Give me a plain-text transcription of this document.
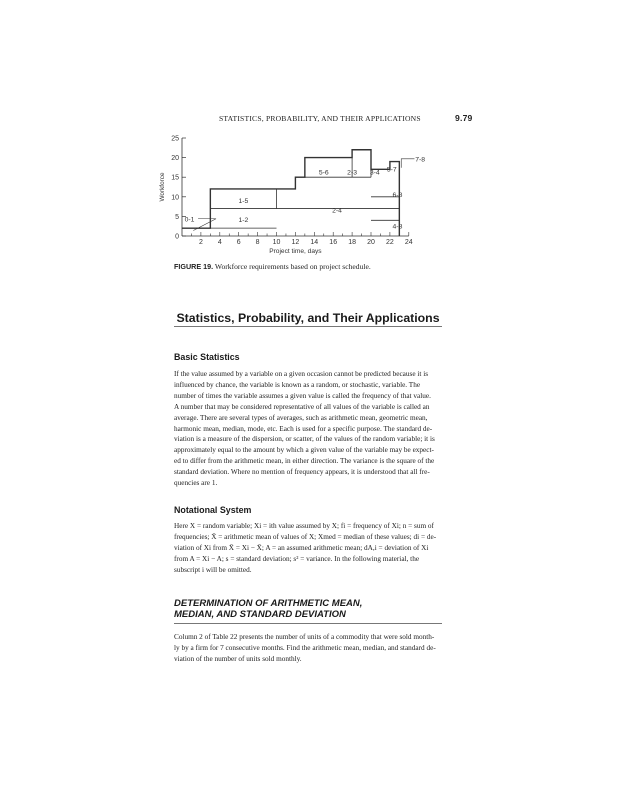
STATISTICS, PROBABILITY, AND THEIR APPLICATIONS	9.79
0
5
10
15
20
25
2 4 6 8 10 12 14 16 18 20 22 24
Project time, days
Workforce
0-1	1-2
1-5
2-4
5-6	2-3 3-4 5-7
6-8
4-8
7-8
FIGURE 19. Workforce requirements based on project schedule.
Statistics, Probability, and Their Applications
Basic Statistics
If the value assumed by a variable on a given occasion cannot be predicted because it is
influenced by chance, the variable is known as a random, or stochastic, variable. The
number of times the variable assumes a given value is called the frequency of that value.
A number that may be considered representative of all values of the variable is called an
average. There are several types of averages, such as arithmetic mean, geometric mean,
harmonic mean, median, mode, etc. Each is used for a specific purpose. The standard de-
viation is a measure of the dispersion, or scatter, of the values of the random variable; it is
approximately equal to the amount by which a given value of the variable may be expect-
ed to differ from the arithmetic mean, in either direction. The variance is the square of the
standard deviation. Where no mention of frequency appears, it is understood that all fre-
quencies are 1.
Notational System
Here X = random variable; Xi = ith value assumed by X; fi = frequency of Xi; n = sum of
frequencies; X̄ = arithmetic mean of values of X; Xmed = median of these values; di = de-
viation of Xi from X̄ = Xi − X̄; A = an assumed arithmetic mean; dA,i = deviation of Xi
from A = Xi − A; s = standard deviation; s² = variance. In the following material, the
subscript i will be omitted.
DETERMINATION OF ARITHMETIC MEAN,
MEDIAN, AND STANDARD DEVIATION
Column 2 of Table 22 presents the number of units of a commodity that were sold month-
ly by a firm for 7 consecutive months. Find the arithmetic mean, median, and standard de-
viation of the number of units sold monthly.
